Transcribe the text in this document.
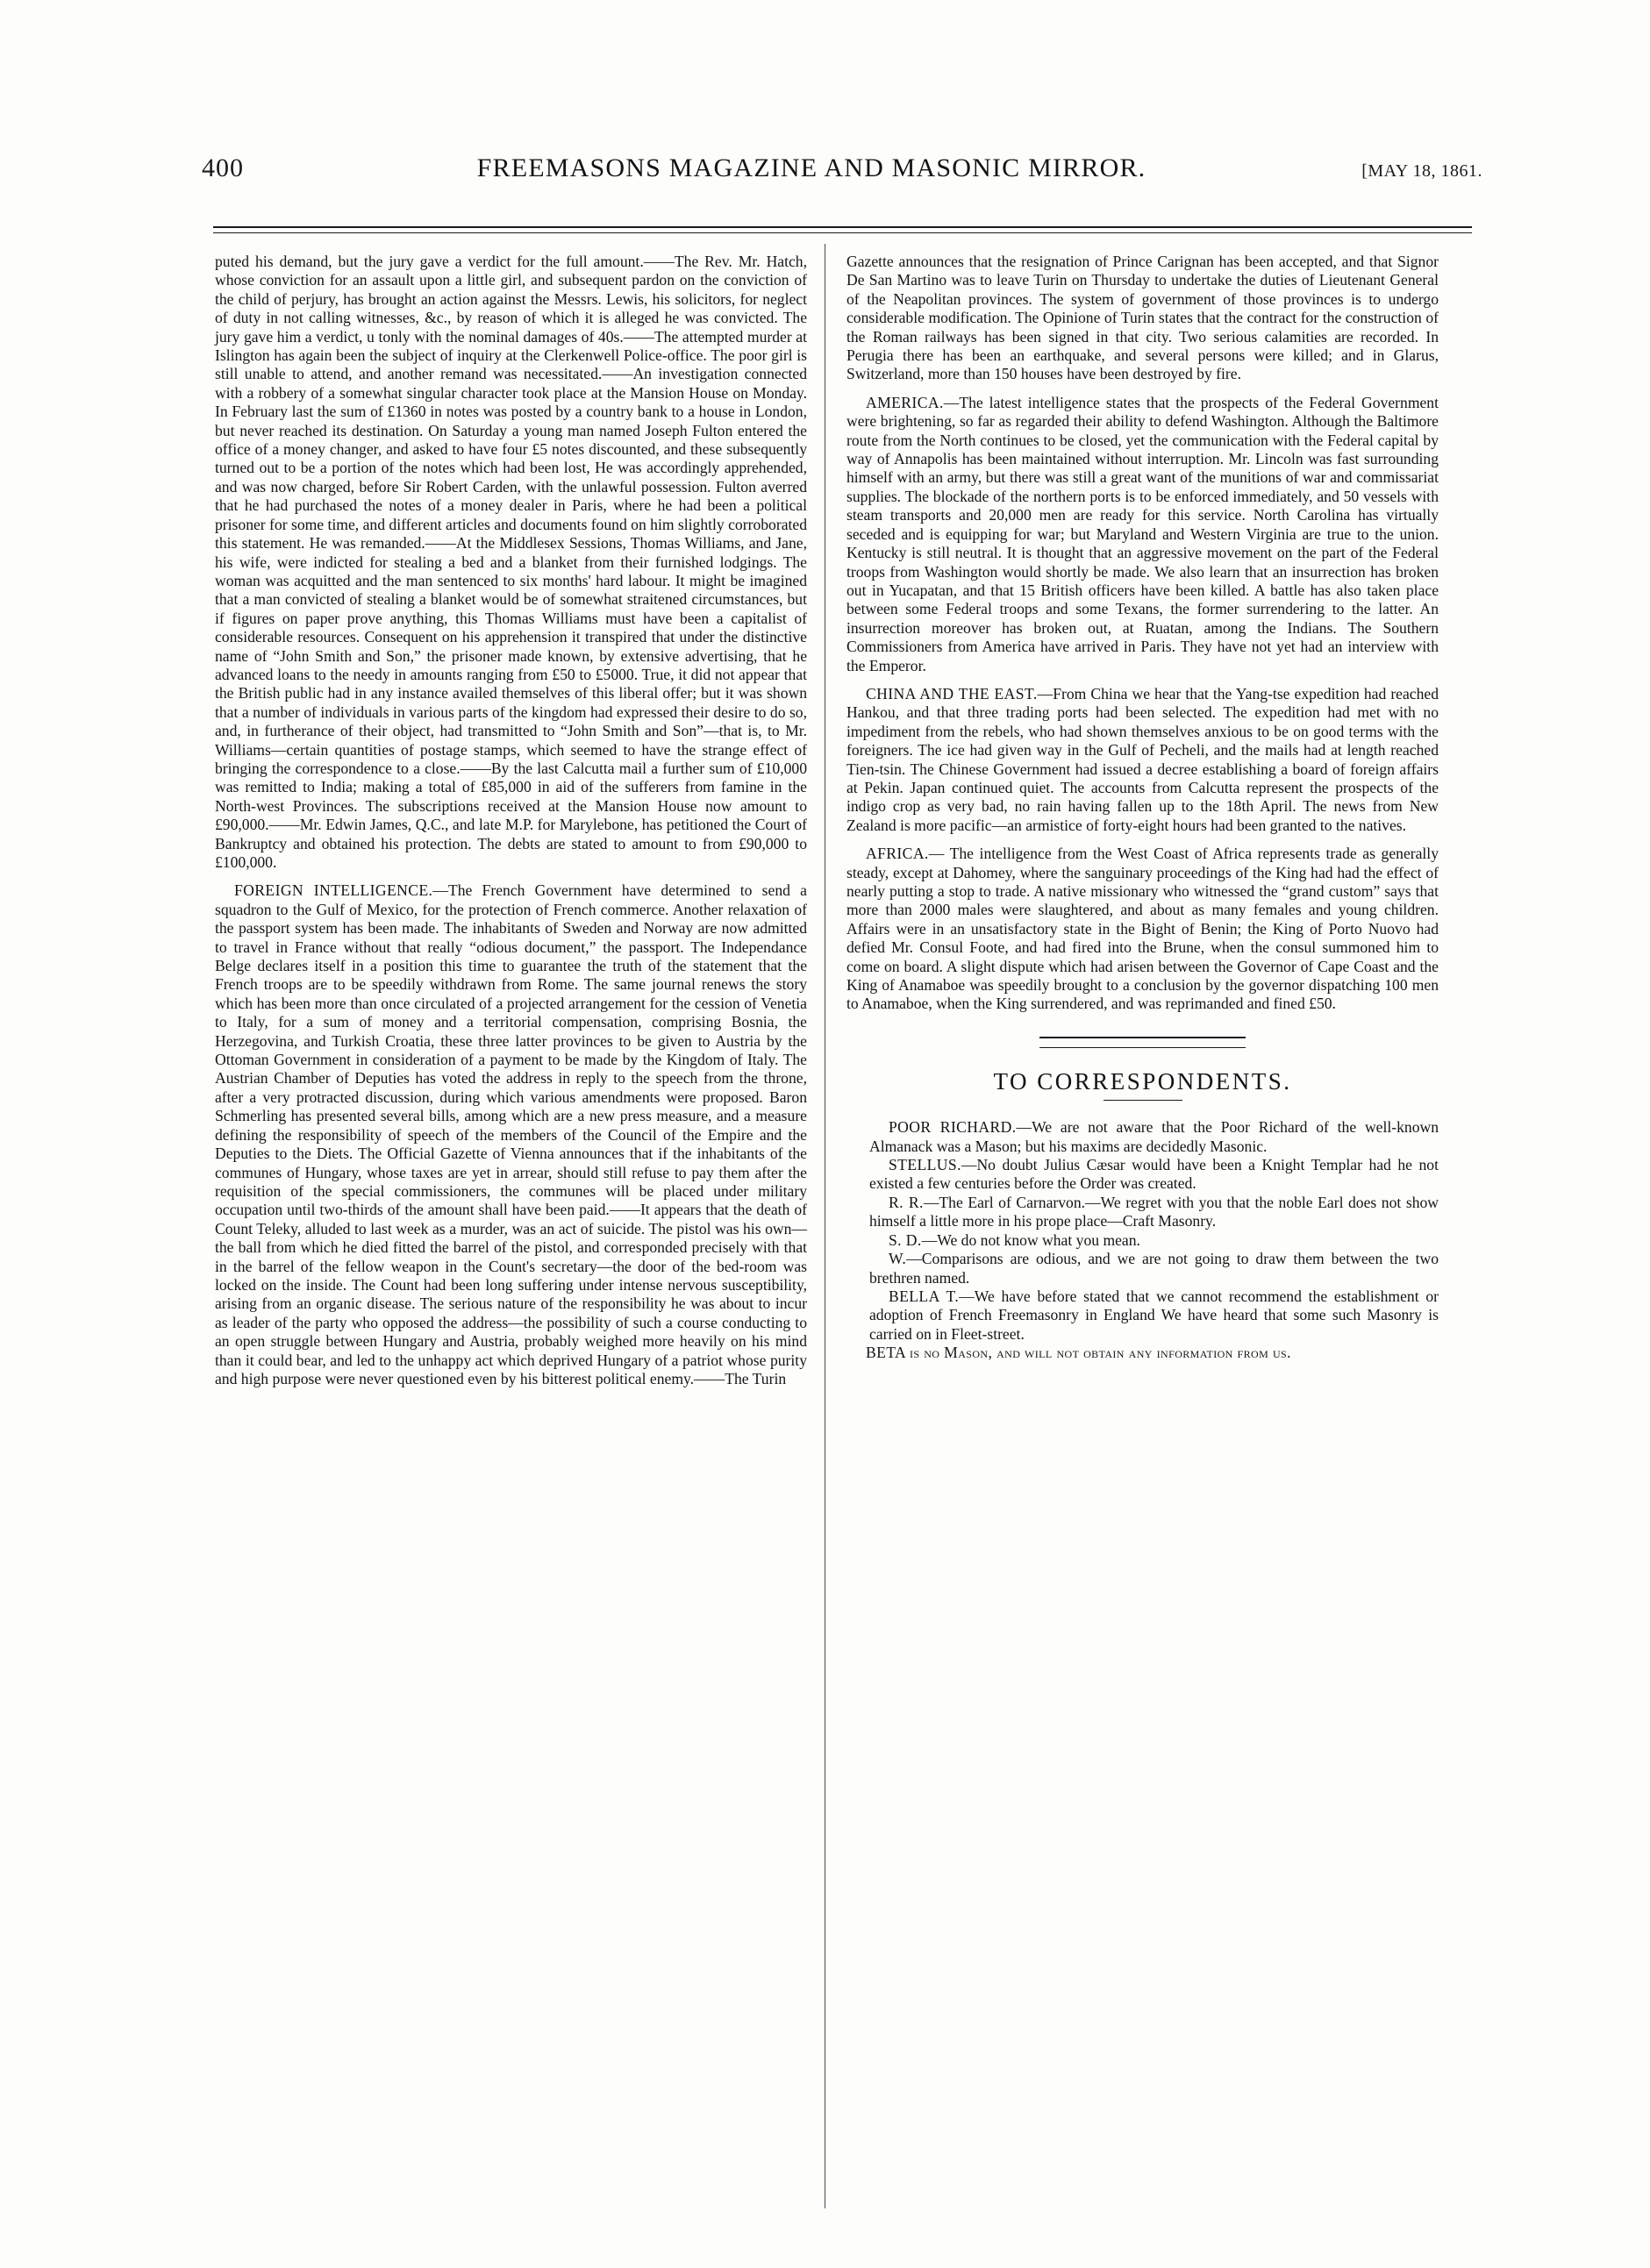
400	FREEMASONS MAGAZINE AND MASONIC MIRROR.	[MAY 18, 1861.

puted his demand, but the jury gave a verdict for the full amount.——The Rev. Mr. Hatch, whose conviction for an assault upon a little girl, and subsequent pardon on the conviction of the child of perjury, has brought an action against the Messrs. Lewis, his solicitors, for neglect of duty in not calling witnesses, &c., by reason of which it is alleged he was convicted. The jury gave him a verdict, u tonly with the nominal damages of 40s.——The attempted murder at Islington has again been the subject of inquiry at the Clerkenwell Police-office. The poor girl is still unable to attend, and another remand was necessitated.——An investigation connected with a robbery of a somewhat singular character took place at the Mansion House on Monday. In February last the sum of £1360 in notes was posted by a country bank to a house in London, but never reached its destination. On Saturday a young man named Joseph Fulton entered the office of a money changer, and asked to have four £5 notes discounted, and these subsequently turned out to be a portion of the notes which had been lost, He was accordingly apprehended, and was now charged, before Sir Robert Carden, with the unlawful possession. Fulton averred that he had purchased the notes of a money dealer in Paris, where he had been a political prisoner for some time, and different articles and documents found on him slightly corroborated this statement. He was remanded.——At the Middlesex Sessions, Thomas Williams, and Jane, his wife, were indicted for stealing a bed and a blanket from their furnished lodgings. The woman was acquitted and the man sentenced to six months' hard labour. It might be imagined that a man convicted of stealing a blanket would be of somewhat straitened circumstances, but if figures on paper prove anything, this Thomas Williams must have been a capitalist of considerable resources. Consequent on his apprehension it transpired that under the distinctive name of “John Smith and Son,” the prisoner made known, by extensive advertising, that he advanced loans to the needy in amounts ranging from £50 to £5000. True, it did not appear that the British public had in any instance availed themselves of this liberal offer; but it was shown that a number of individuals in various parts of the kingdom had expressed their desire to do so, and, in furtherance of their object, had transmitted to “John Smith and Son”—that is, to Mr. Williams—certain quantities of postage stamps, which seemed to have the strange effect of bringing the correspondence to a close.——By the last Calcutta mail a further sum of £10,000 was remitted to India; making a total of £85,000 in aid of the sufferers from famine in the North-west Provinces. The subscriptions received at the Mansion House now amount to £90,000.——Mr. Edwin James, Q.C., and late M.P. for Marylebone, has petitioned the Court of Bankruptcy and obtained his protection. The debts are stated to amount to from £90,000 to £100,000.

FOREIGN INTELLIGENCE.—The French Government have determined to send a squadron to the Gulf of Mexico, for the protection of French commerce. Another relaxation of the passport system has been made. The inhabitants of Sweden and Norway are now admitted to travel in France without that really “odious document,” the passport. The Independance Belge declares itself in a position this time to guarantee the truth of the statement that the French troops are to be speedily withdrawn from Rome. The same journal renews the story which has been more than once circulated of a projected arrangement for the cession of Venetia to Italy, for a sum of money and a territorial compensation, comprising Bosnia, the Herzegovina, and Turkish Croatia, these three latter provinces to be given to Austria by the Ottoman Government in consideration of a payment to be made by the Kingdom of Italy. The Austrian Chamber of Deputies has voted the address in reply to the speech from the throne, after a very protracted discussion, during which various amendments were proposed. Baron Schmerling has presented several bills, among which are a new press measure, and a measure defining the responsibility of speech of the members of the Council of the Empire and the Deputies to the Diets. The Official Gazette of Vienna announces that if the inhabitants of the communes of Hungary, whose taxes are yet in arrear, should still refuse to pay them after the requisition of the special commissioners, the communes will be placed under military occupation until two-thirds of the amount shall have been paid.——It appears that the death of Count Teleky, alluded to last week as a murder, was an act of suicide. The pistol was his own—the ball from which he died fitted the barrel of the pistol, and corresponded precisely with that in the barrel of the fellow weapon in the Count's secretary—the door of the bed-room was locked on the inside. The Count had been long suffering under intense nervous susceptibility, arising from an organic disease. The serious nature of the responsibility he was about to incur as leader of the party who opposed the address—the possibility of such a course conducting to an open struggle between Hungary and Austria, probably weighed more heavily on his mind than it could bear, and led to the unhappy act which deprived Hungary of a patriot whose purity and high purpose were never questioned even by his bitterest political enemy.——The Turin

Gazette announces that the resignation of Prince Carignan has been accepted, and that Signor De San Martino was to leave Turin on Thursday to undertake the duties of Lieutenant General of the Neapolitan provinces. The system of government of those provinces is to undergo considerable modification. The Opinione of Turin states that the contract for the construction of the Roman railways has been signed in that city. Two serious calamities are recorded. In Perugia there has been an earthquake, and several persons were killed; and in Glarus, Switzerland, more than 150 houses have been destroyed by fire.

AMERICA.—The latest intelligence states that the prospects of the Federal Government were brightening, so far as regarded their ability to defend Washington. Although the Baltimore route from the North continues to be closed, yet the communication with the Federal capital by way of Annapolis has been maintained without interruption. Mr. Lincoln was fast surrounding himself with an army, but there was still a great want of the munitions of war and commissariat supplies. The blockade of the northern ports is to be enforced immediately, and 50 vessels with steam transports and 20,000 men are ready for this service. North Carolina has virtually seceded and is equipping for war; but Maryland and Western Virginia are true to the union. Kentucky is still neutral. It is thought that an aggressive movement on the part of the Federal troops from Washington would shortly be made. We also learn that an insurrection has broken out in Yucapatan, and that 15 British officers have been killed. A battle has also taken place between some Federal troops and some Texans, the former surrendering to the latter. An insurrection moreover has broken out, at Ruatan, among the Indians. The Southern Commissioners from America have arrived in Paris. They have not yet had an interview with the Emperor.

CHINA AND THE EAST.—From China we hear that the Yang-tse expedition had reached Hankou, and that three trading ports had been selected. The expedition had met with no impediment from the rebels, who had shown themselves anxious to be on good terms with the foreigners. The ice had given way in the Gulf of Pecheli, and the mails had at length reached Tien-tsin. The Chinese Government had issued a decree establishing a board of foreign affairs at Pekin. Japan continued quiet. The accounts from Calcutta represent the prospects of the indigo crop as very bad, no rain having fallen up to the 18th April. The news from New Zealand is more pacific—an armistice of forty-eight hours had been granted to the natives.

AFRICA.— The intelligence from the West Coast of Africa represents trade as generally steady, except at Dahomey, where the sanguinary proceedings of the King had had the effect of nearly putting a stop to trade. A native missionary who witnessed the “grand custom” says that more than 2000 males were slaughtered, and about as many females and young children. Affairs were in an unsatisfactory state in the Bight of Benin; the King of Porto Nuovo had defied Mr. Consul Foote, and had fired into the Brune, when the consul summoned him to come on board. A slight dispute which had arisen between the Governor of Cape Coast and the King of Anamaboe was speedily brought to a conclusion by the governor dispatching 100 men to Anamaboe, when the King surrendered, and was reprimanded and fined £50.

TO CORRESPONDENTS.

POOR RICHARD.—We are not aware that the Poor Richard of the well-known Almanack was a Mason; but his maxims are decidedly Masonic.

STELLUS.—No doubt Julius Cæsar would have been a Knight Templar had he not existed a few centuries before the Order was created.

R. R.—The Earl of Carnarvon.—We regret with you that the noble Earl does not show himself a little more in his prope place—Craft Masonry.

S. D.—We do not know what you mean.

W.—Comparisons are odious, and we are not going to draw them between the two brethren named.

BELLA T.—We have before stated that we cannot recommend the establishment or adoption of French Freemasonry in England We have heard that some such Masonry is carried on in Fleet-street.

BETA is no Mason, and will not obtain any information from us.
